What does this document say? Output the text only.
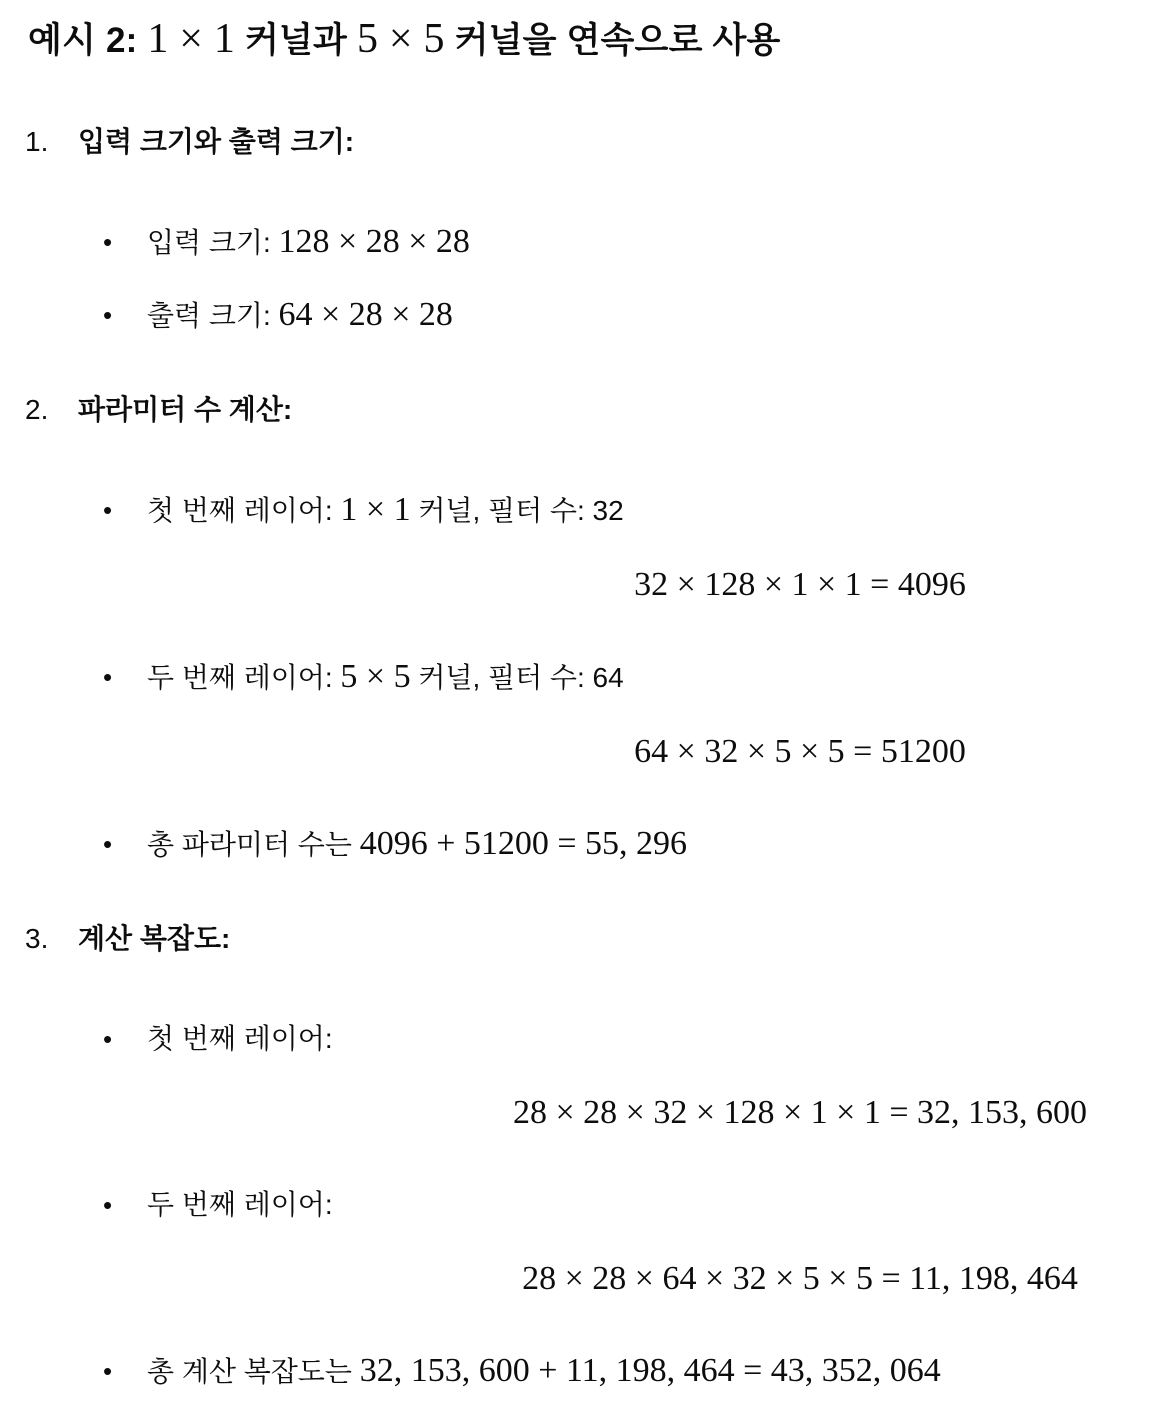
예시 2: 1 × 1 커널과 5 × 5 커널을 연속으로 사용
1. 입력 크기와 출력 크기:
• 입력 크기: 128 × 28 × 28
• 출력 크기: 64 × 28 × 28
2. 파라미터 수 계산:
• 첫 번째 레이어: 1 × 1 커널, 필터 수: 32
32 × 128 × 1 × 1 = 4096
• 두 번째 레이어: 5 × 5 커널, 필터 수: 64
64 × 32 × 5 × 5 = 51200
• 총 파라미터 수는 4096 + 51200 = 55, 296
3. 계산 복잡도:
• 첫 번째 레이어:
28 × 28 × 32 × 128 × 1 × 1 = 32, 153, 600
• 두 번째 레이어:
28 × 28 × 64 × 32 × 5 × 5 = 11, 198, 464
• 총 계산 복잡도는 32, 153, 600 + 11, 198, 464 = 43, 352, 064
